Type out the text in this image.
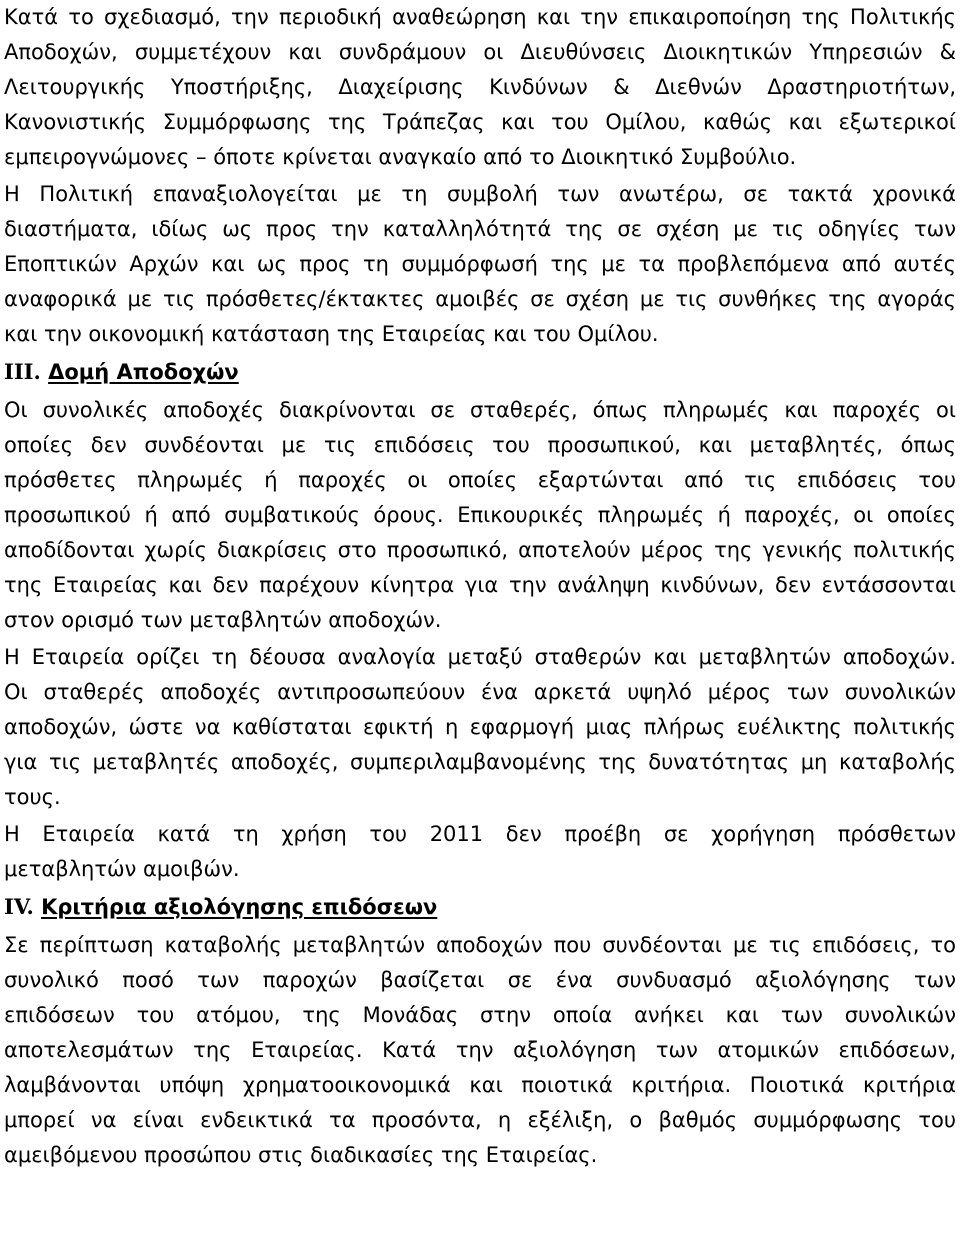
Κατά το σχεδιασμό, την περιοδική αναθεώρηση και την επικαιροποίηση της Πολιτικής
Αποδοχών, συμμετέχουν και συνδράμουν οι Διευθύνσεις Διοικητικών Υπηρεσιών &
Λειτουργικής Υποστήριξης, Διαχείρισης Κινδύνων & Διεθνών Δραστηριοτήτων,
Κανονιστικής Συμμόρφωσης της Τράπεζας και του Ομίλου, καθώς και εξωτερικοί
εμπειρογνώμονες – όποτε κρίνεται αναγκαίο από το Διοικητικό Συμβούλιο.
Η Πολιτική επαναξιολογείται με τη συμβολή των ανωτέρω, σε τακτά χρονικά
διαστήματα, ιδίως ως προς την καταλληλότητά της σε σχέση με τις οδηγίες των
Εποπτικών Αρχών και ως προς τη συμμόρφωσή της με τα προβλεπόμενα από αυτές
αναφορικά με τις πρόσθετες/έκτακτες αμοιβές σε σχέση με τις συνθήκες της αγοράς
και την οικονομική κατάσταση της Εταιρείας και του Ομίλου.
III. Δομή Αποδοχών
Οι συνολικές αποδοχές διακρίνονται σε σταθερές, όπως πληρωμές και παροχές οι
οποίες δεν συνδέονται με τις επιδόσεις του προσωπικού, και μεταβλητές, όπως
πρόσθετες πληρωμές ή παροχές οι οποίες εξαρτώνται από τις επιδόσεις του
προσωπικού ή από συμβατικούς όρους. Επικουρικές πληρωμές ή παροχές, οι οποίες
αποδίδονται χωρίς διακρίσεις στο προσωπικό, αποτελούν μέρος της γενικής πολιτικής
της Εταιρείας και δεν παρέχουν κίνητρα για την ανάληψη κινδύνων, δεν εντάσσονται
στον ορισμό των μεταβλητών αποδοχών.
Η Εταιρεία ορίζει τη δέουσα αναλογία μεταξύ σταθερών και μεταβλητών αποδοχών.
Οι σταθερές αποδοχές αντιπροσωπεύουν ένα αρκετά υψηλό μέρος των συνολικών
αποδοχών, ώστε να καθίσταται εφικτή η εφαρμογή μιας πλήρως ευέλικτης πολιτικής
για τις μεταβλητές αποδοχές, συμπεριλαμβανομένης της δυνατότητας μη καταβολής
τους.
Η Εταιρεία κατά τη χρήση του 2011 δεν προέβη σε χορήγηση πρόσθετων
μεταβλητών αμοιβών.
IV. Κριτήρια αξιολόγησης επιδόσεων
Σε περίπτωση καταβολής μεταβλητών αποδοχών που συνδέονται με τις επιδόσεις, το
συνολικό ποσό των παροχών βασίζεται σε ένα συνδυασμό αξιολόγησης των
επιδόσεων του ατόμου, της Μονάδας στην οποία ανήκει και των συνολικών
αποτελεσμάτων της Εταιρείας. Κατά την αξιολόγηση των ατομικών επιδόσεων,
λαμβάνονται υπόψη χρηματοοικονομικά και ποιοτικά κριτήρια. Ποιοτικά κριτήρια
μπορεί να είναι ενδεικτικά τα προσόντα, η εξέλιξη, ο βαθμός συμμόρφωσης του
αμειβόμενου προσώπου στις διαδικασίες της Εταιρείας.
